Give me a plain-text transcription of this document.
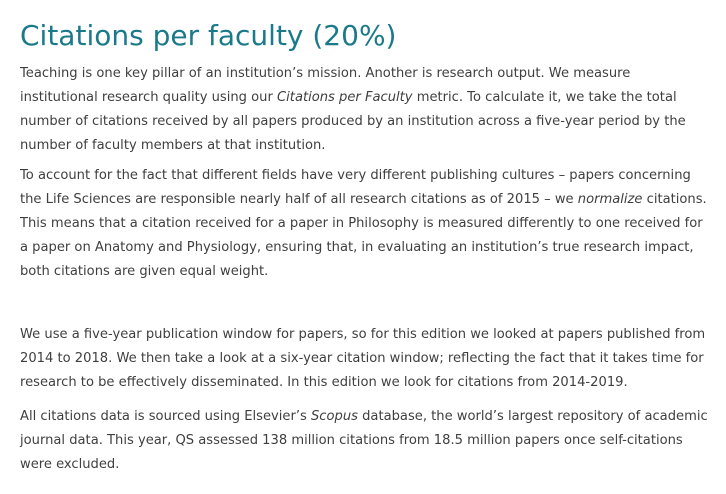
Citations per faculty (20%)

Teaching is one key pillar of an institution’s mission. Another is research output. We measure
institutional research quality using our Citations per Faculty metric. To calculate it, we take the total
number of citations received by all papers produced by an institution across a five-year period by the
number of faculty members at that institution.

To account for the fact that different fields have very different publishing cultures – papers concerning
the Life Sciences are responsible nearly half of all research citations as of 2015 – we normalize citations.
This means that a citation received for a paper in Philosophy is measured differently to one received for
a paper on Anatomy and Physiology, ensuring that, in evaluating an institution’s true research impact,
both citations are given equal weight.

We use a five-year publication window for papers, so for this edition we looked at papers published from
2014 to 2018. We then take a look at a six-year citation window; reflecting the fact that it takes time for
research to be effectively disseminated. In this edition we look for citations from 2014-2019.

All citations data is sourced using Elsevier’s Scopus database, the world’s largest repository of academic
journal data. This year, QS assessed 138 million citations from 18.5 million papers once self-citations
were excluded.
